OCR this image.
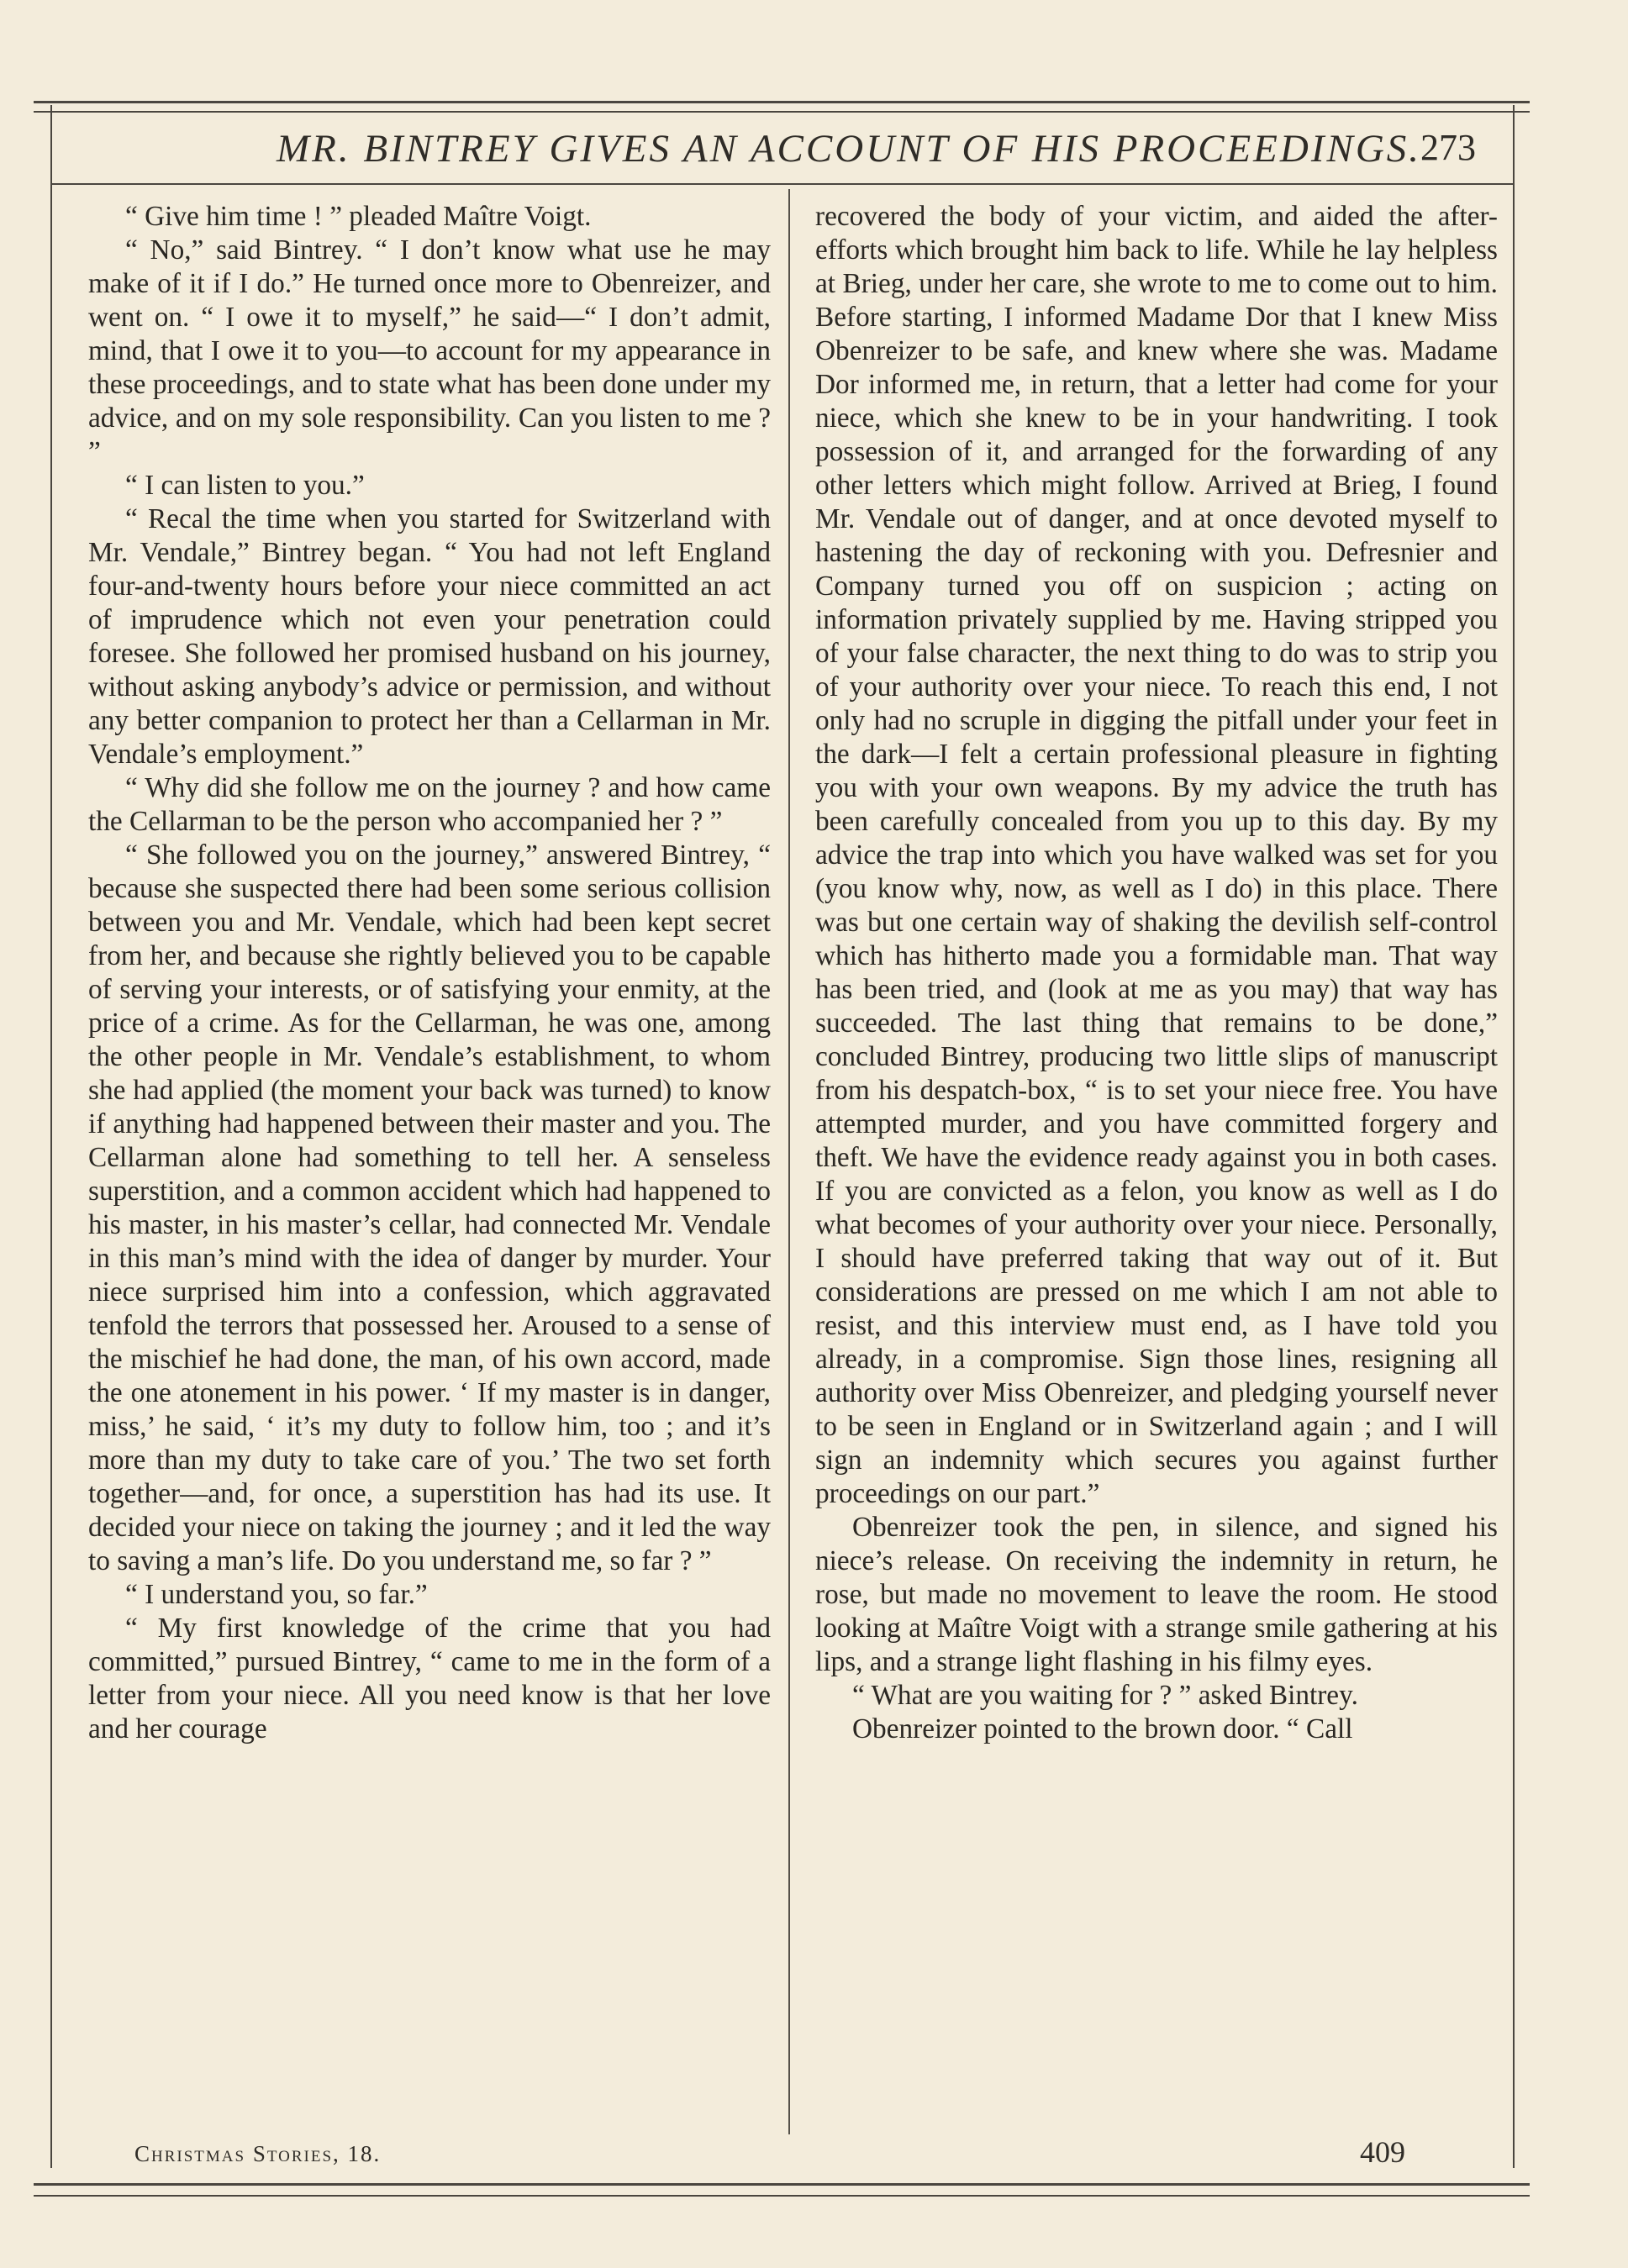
MR. BINTREY GIVES AN ACCOUNT OF HIS PROCEEDINGS.
273

“ Give him time ! ” pleaded Maître Voigt.

“ No,” said Bintrey. “ I don’t know what use he may make of it if I do.” He turned once more to Obenreizer, and went on. “ I owe it to myself,” he said—“ I don’t admit, mind, that I owe it to you—to account for my appearance in these proceedings, and to state what has been done under my advice, and on my sole responsibility. Can you listen to me ? ”

“ I can listen to you.”

“ Recal the time when you started for Switzerland with Mr. Vendale,” Bintrey began. “ You had not left England four-and-twenty hours before your niece committed an act of imprudence which not even your penetration could foresee. She followed her promised husband on his journey, without asking anybody’s advice or permission, and without any better companion to protect her than a Cellarman in Mr. Vendale’s employment.”

“ Why did she follow me on the journey ? and how came the Cellarman to be the person who accompanied her ? ”

“ She followed you on the journey,” answered Bintrey, “ because she suspected there had been some serious collision between you and Mr. Vendale, which had been kept secret from her, and because she rightly believed you to be capable of serving your interests, or of satisfying your enmity, at the price of a crime. As for the Cellarman, he was one, among the other people in Mr. Vendale’s establishment, to whom she had applied (the moment your back was turned) to know if anything had happened between their master and you. The Cellarman alone had something to tell her. A senseless superstition, and a common accident which had happened to his master, in his master’s cellar, had connected Mr. Vendale in this man’s mind with the idea of danger by murder. Your niece surprised him into a confession, which aggravated tenfold the terrors that possessed her. Aroused to a sense of the mischief he had done, the man, of his own accord, made the one atonement in his power. ‘ If my master is in danger, miss,’ he said, ‘ it’s my duty to follow him, too ; and it’s more than my duty to take care of you.’ The two set forth together—and, for once, a superstition has had its use. It decided your niece on taking the journey ; and it led the way to saving a man’s life. Do you understand me, so far ? ”

“ I understand you, so far.”

“ My first knowledge of the crime that you had committed,” pursued Bintrey, “ came to me in the form of a letter from your niece. All you need know is that her love and her courage

recovered the body of your victim, and aided the after-efforts which brought him back to life. While he lay helpless at Brieg, under her care, she wrote to me to come out to him. Before starting, I informed Madame Dor that I knew Miss Obenreizer to be safe, and knew where she was. Madame Dor informed me, in return, that a letter had come for your niece, which she knew to be in your handwriting. I took possession of it, and arranged for the forwarding of any other letters which might follow. Arrived at Brieg, I found Mr. Vendale out of danger, and at once devoted myself to hastening the day of reckoning with you. Defresnier and Company turned you off on suspicion ; acting on information privately supplied by me. Having stripped you of your false character, the next thing to do was to strip you of your authority over your niece. To reach this end, I not only had no scruple in digging the pitfall under your feet in the dark—I felt a certain professional pleasure in fighting you with your own weapons. By my advice the truth has been carefully concealed from you up to this day. By my advice the trap into which you have walked was set for you (you know why, now, as well as I do) in this place. There was but one certain way of shaking the devilish self-control which has hitherto made you a formidable man. That way has been tried, and (look at me as you may) that way has succeeded. The last thing that remains to be done,” concluded Bintrey, producing two little slips of manuscript from his despatch-box, “ is to set your niece free. You have attempted murder, and you have committed forgery and theft. We have the evidence ready against you in both cases. If you are convicted as a felon, you know as well as I do what becomes of your authority over your niece. Personally, I should have preferred taking that way out of it. But considerations are pressed on me which I am not able to resist, and this interview must end, as I have told you already, in a compromise. Sign those lines, resigning all authority over Miss Obenreizer, and pledging yourself never to be seen in England or in Switzerland again ; and I will sign an indemnity which secures you against further proceedings on our part.”

Obenreizer took the pen, in silence, and signed his niece’s release. On receiving the indemnity in return, he rose, but made no movement to leave the room. He stood looking at Maître Voigt with a strange smile gathering at his lips, and a strange light flashing in his filmy eyes.

“ What are you waiting for ? ” asked Bintrey.

Obenreizer pointed to the brown door. “ Call

Christmas Stories, 18.	409
